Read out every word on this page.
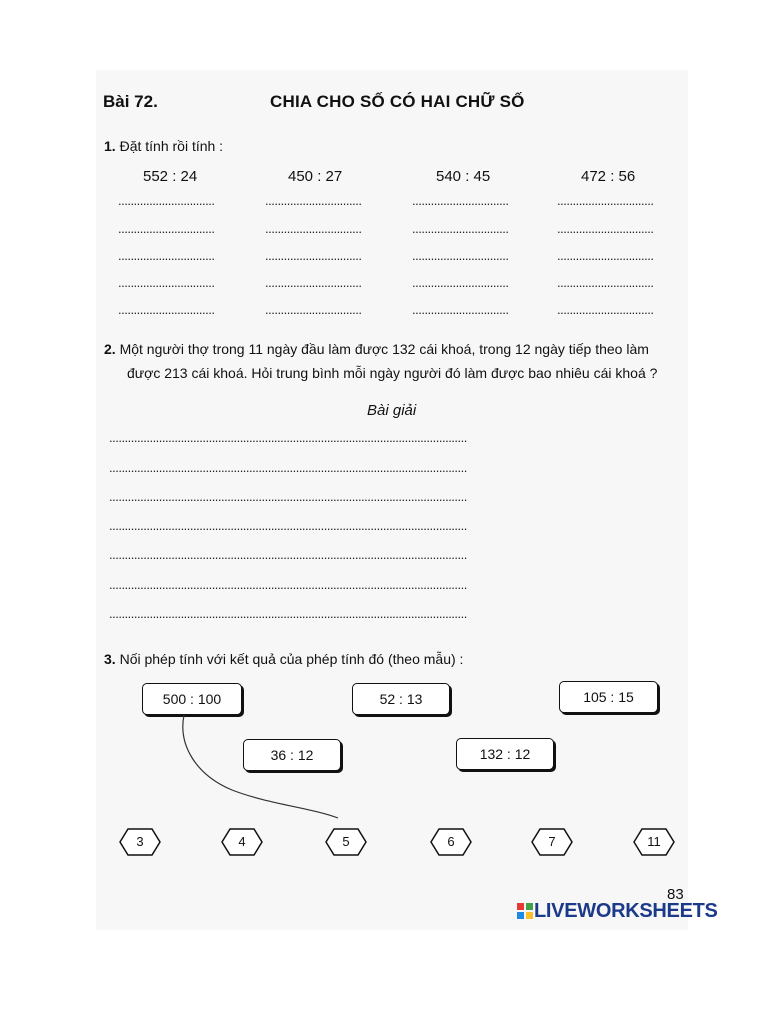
Bài 72.	CHIA CHO SỐ CÓ HAI CHỮ SỐ
1. Đặt tính rồi tính :
552 : 24	450 : 27	540 : 45	472 : 56
...............................	...............................	...............................	...............................
...............................	...............................	...............................	...............................
...............................	...............................	...............................	...............................
...............................	...............................	...............................	...............................
...............................	...............................	...............................	...............................
2. Một người thợ trong 11 ngày đầu làm được 132 cái khoá, trong 12 ngày tiếp theo làm
được 213 cái khoá. Hỏi trung bình mỗi ngày người đó làm được bao nhiêu cái khoá ?
Bài giải
...................................................................................................................
...................................................................................................................
...................................................................................................................
...................................................................................................................
...................................................................................................................
...................................................................................................................
...................................................................................................................
3. Nối phép tính với kết quả của phép tính đó (theo mẫu) :
500 : 100	52 : 13	105 : 15
36 : 12	132 : 12
3	4	5	6	7	11
83
LIVEWORKSHEETS
